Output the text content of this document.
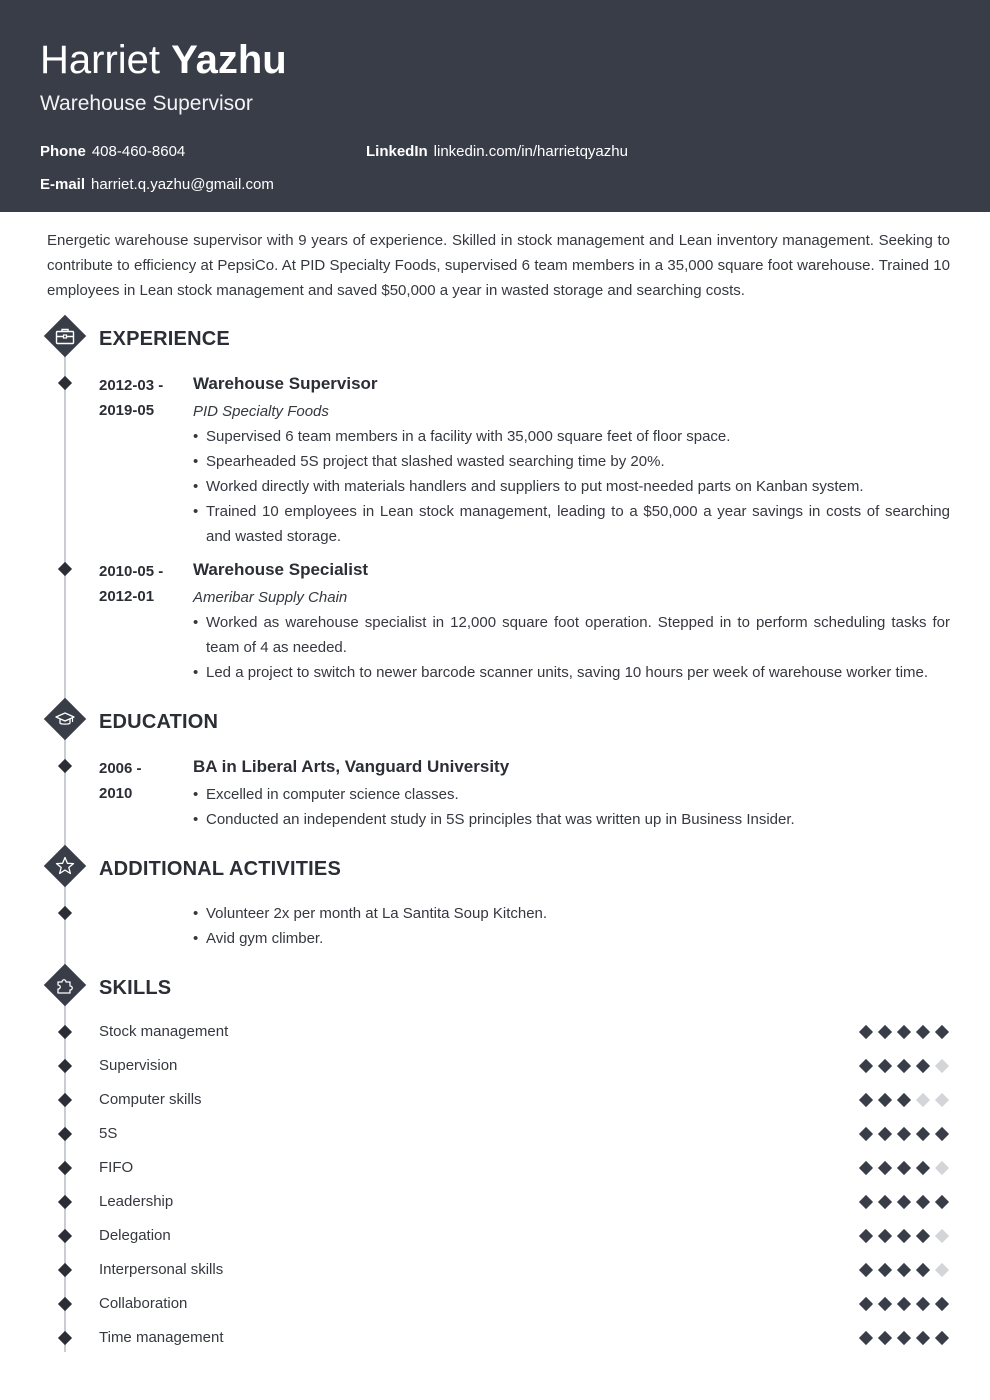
Harriet Yazhu
Warehouse Supervisor
Phone 408-460-8604	LinkedIn linkedin.com/in/harrietqyazhu
E-mail harriet.q.yazhu@gmail.com

Energetic warehouse supervisor with 9 years of experience. Skilled in stock management and Lean inventory management. Seeking to contribute to efficiency at PepsiCo. At PID Specialty Foods, supervised 6 team members in a 35,000 square foot warehouse. Trained 10 employees in Lean stock management and saved $50,000 a year in wasted storage and searching costs.

EXPERIENCE
2012-03 -
2019-05
Warehouse Supervisor
PID Specialty Foods
• Supervised 6 team members in a facility with 35,000 square feet of floor space.
• Spearheaded 5S project that slashed wasted searching time by 20%.
• Worked directly with materials handlers and suppliers to put most-needed parts on Kanban system.
• Trained 10 employees in Lean stock management, leading to a $50,000 a year savings in costs of searching and wasted storage.
2010-05 -
2012-01
Warehouse Specialist
Ameribar Supply Chain
• Worked as warehouse specialist in 12,000 square foot operation. Stepped in to perform scheduling tasks for team of 4 as needed.
• Led a project to switch to newer barcode scanner units, saving 10 hours per week of warehouse worker time.
EDUCATION
2006 -
2010
BA in Liberal Arts, Vanguard University
• Excelled in computer science classes.
• Conducted an independent study in 5S principles that was written up in Business Insider.
ADDITIONAL ACTIVITIES
• Volunteer 2x per month at La Santita Soup Kitchen.
• Avid gym climber.
SKILLS
Stock management
Supervision
Computer skills
5S
FIFO
Leadership
Delegation
Interpersonal skills
Collaboration
Time management
